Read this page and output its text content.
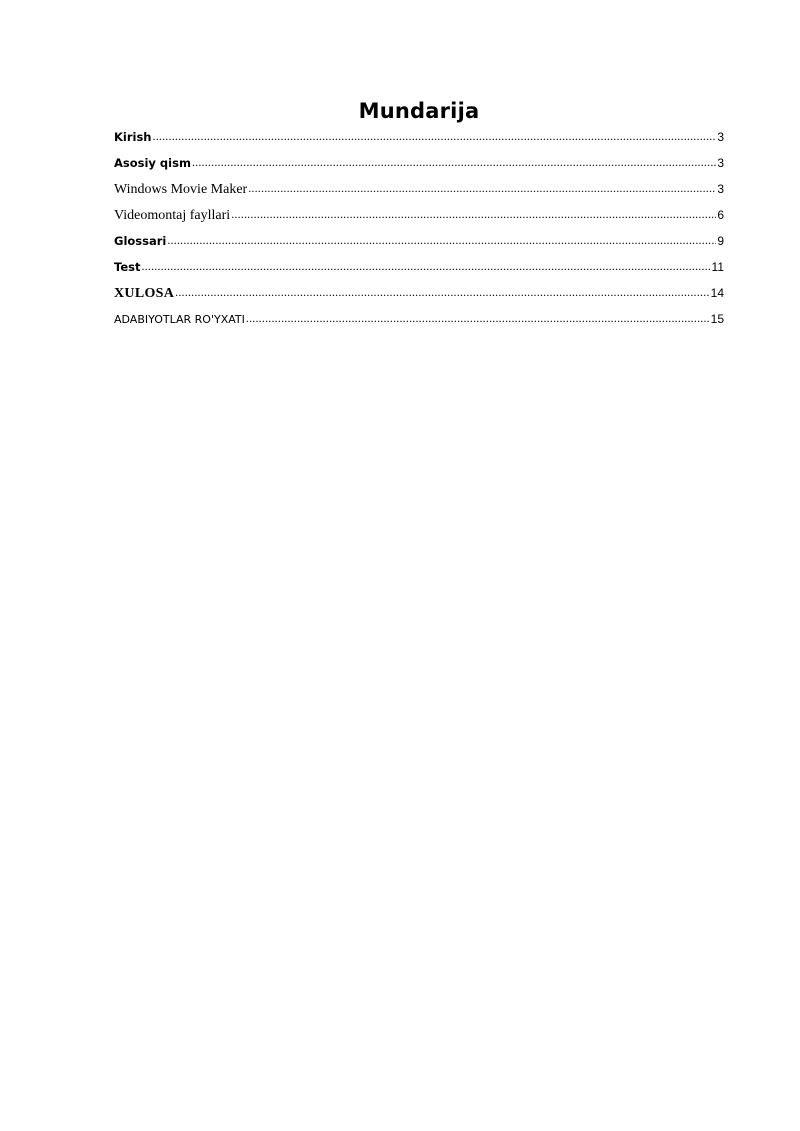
Mundarija
Kirish .....	3
Asosiy qism .....	3
Windows Movie Maker .....	3
Videomontaj fayllari .....	6
Glossari .....	9
Test .....	11
XULOSA .....	14
ADABIYOTLAR RO'YXATI .....	15
